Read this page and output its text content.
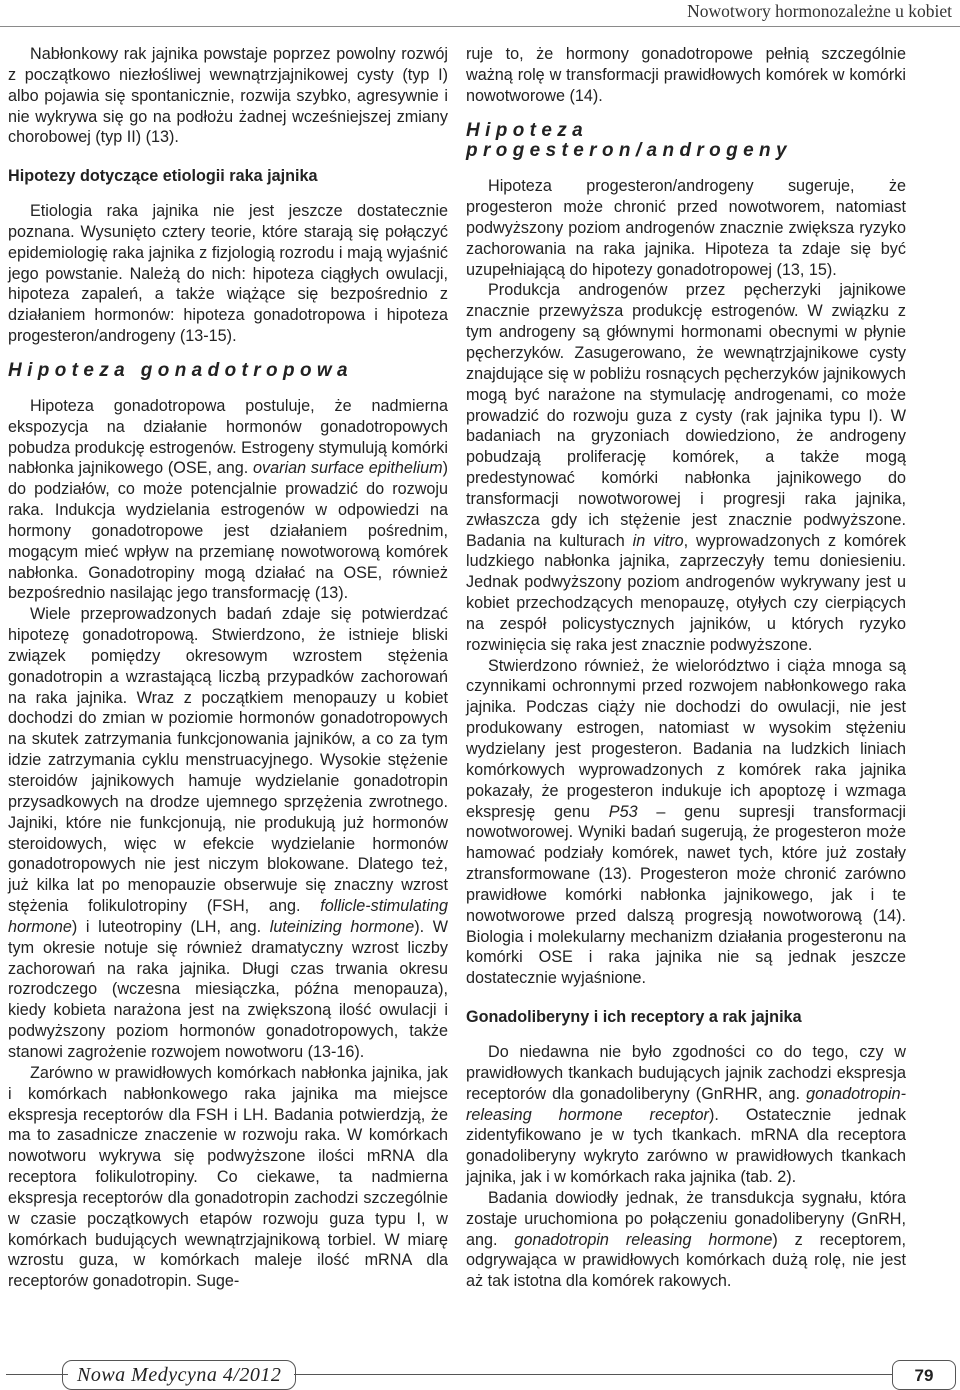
Nowotwory hormonozależne u kobiet

Nabłonkowy rak jajnika powstaje poprzez powolny rozwój z początkowo niezłośliwej wewnątrzjajnikowej cysty (typ I) albo pojawia się spontanicznie, rozwija szybko, agresywnie i nie wykrywa się go na podłożu żadnej wcześniejszej zmiany chorobowej (typ II) (13).

Hipotezy dotyczące etiologii raka jajnika

Etiologia raka jajnika nie jest jeszcze dostatecznie poznana. Wysunięto cztery teorie, które starają się połączyć epidemiologię raka jajnika z fizjologią rozrodu i mają wyjaśnić jego powstanie. Należą do nich: hipoteza ciągłych owulacji, hipoteza zapaleń, a także wiążące się bezpośrednio z działaniem hormonów: hipoteza gonadotropowa i hipoteza progesteron/androgeny (13-15).

Hipoteza gonadotropowa

Hipoteza gonadotropowa postuluje, że nadmierna ekspozycja na działanie hormonów gonadotropowych pobudza produkcję estrogenów. Estrogeny stymulują komórki nabłonka jajnikowego (OSE, ang. ovarian surface epithelium) do podziałów, co może potencjalnie prowadzić do rozwoju raka. Indukcja wydzielania estrogenów w odpowiedzi na hormony gonadotropowe jest działaniem pośrednim, mogącym mieć wpływ na przemianę nowotworową komórek nabłonka. Gonadotropiny mogą działać na OSE, również bezpośrednio nasilając jego transformację (13).

Wiele przeprowadzonych badań zdaje się potwierdzać hipotezę gonadotropową. Stwierdzono, że istnieje bliski związek pomiędzy okresowym wzrostem stężenia gonadotropin a wzrastającą liczbą przypadków zachorowań na raka jajnika. Wraz z początkiem menopauzy u kobiet dochodzi do zmian w poziomie hormonów gonadotropowych na skutek zatrzymania funkcjonowania jajników, a co za tym idzie zatrzymania cyklu menstruacyjnego. Wysokie stężenie steroidów jajnikowych hamuje wydzielanie gonadotropin przysadkowych na drodze ujemnego sprzężenia zwrotnego. Jajniki, które nie funkcjonują, nie produkują już hormonów steroidowych, więc w efekcie wydzielanie hormonów gonadotropowych nie jest niczym blokowane. Dlatego też, już kilka lat po menopauzie obserwuje się znaczny wzrost stężenia folikulotropiny (FSH, ang. follicle-stimulating hormone) i luteotropiny (LH, ang. luteinizing hormone). W tym okresie notuje się również dramatyczny wzrost liczby zachorowań na raka jajnika. Długi czas trwania okresu rozrodczego (wczesna miesiączka, późna menopauza), kiedy kobieta narażona jest na zwiększoną ilość owulacji i podwyższony poziom hormonów gonadotropowych, także stanowi zagrożenie rozwojem nowotworu (13-16).

Zarówno w prawidłowych komórkach nabłonka jajnika, jak i komórkach nabłonkowego raka jajnika ma miejsce ekspresja receptorów dla FSH i LH. Badania potwierdzją, że ma to zasadnicze znaczenie w rozwoju raka. W komórkach nowotworu wykrywa się podwyższone ilości mRNA dla receptora folikulotropiny. Co ciekawe, ta nadmierna ekspresja receptorów dla gonadotropin zachodzi szczególnie w czasie początkowych etapów rozwoju guza typu I, w komórkach budujących wewnątrzjajnikową torbiel. W miarę wzrostu guza, w komórkach maleje ilość mRNA dla receptorów gonadotropin. Suge-

ruje to, że hormony gonadotropowe pełnią szczególnie ważną rolę w transformacji prawidłowych komórek w komórki nowotworowe (14).

Hipoteza progesteron/androgeny

Hipoteza progesteron/androgeny sugeruje, że progesteron może chronić przed nowotworem, natomiast podwyższony poziom androgenów znacznie zwiększa ryzyko zachorowania na raka jajnika. Hipoteza ta zdaje się być uzupełniającą do hipotezy gonadotropowej (13, 15).

Produkcja androgenów przez pęcherzyki jajnikowe znacznie przewyższa produkcję estrogenów. W związku z tym androgeny są głównymi hormonami obecnymi w płynie pęcherzyków. Zasugerowano, że wewnątrzjajnikowe cysty znajdujące się w pobliżu rosnących pęcherzyków jajnikowych mogą być narażone na stymulację androgenami, co może prowadzić do rozwoju guza z cysty (rak jajnika typu I). W badaniach na gryzoniach dowiedziono, że androgeny pobudzają proliferację komórek, a także mogą predestynować komórki nabłonka jajnikowego do transformacji nowotworowej i progresji raka jajnika, zwłaszcza gdy ich stężenie jest znacznie podwyższone. Badania na kulturach in vitro, wyprowadzonych z komórek ludzkiego nabłonka jajnika, zaprzeczyły temu doniesieniu. Jednak podwyższony poziom androgenów wykrywany jest u kobiet przechodzących menopauzę, otyłych czy cierpiących na zespół policystycznych jajników, u których ryzyko rozwinięcia się raka jest znacznie podwyższone.

Stwierdzono również, że wielorództwo i ciąża mnoga są czynnikami ochronnymi przed rozwojem nabłonkowego raka jajnika. Podczas ciąży nie dochodzi do owulacji, nie jest produkowany estrogen, natomiast w wysokim stężeniu wydzielany jest progesteron. Badania na ludzkich liniach komórkowych wyprowadzonych z komórek raka jajnika pokazały, że progesteron indukuje ich apoptozę i wzmaga ekspresję genu P53 – genu supresji transformacji nowotworowej. Wyniki badań sugerują, że progesteron może hamować podziały komórek, nawet tych, które już zostały ztransformowane (13). Progesteron może chronić zarówno prawidłowe komórki nabłonka jajnikowego, jak i te nowotworowe przed dalszą progresją nowotworową (14). Biologia i molekularny mechanizm działania progesteronu na komórki OSE i raka jajnika nie są jednak jeszcze dostatecznie wyjaśnione.

Gonadoliberyny i ich receptory a rak jajnika

Do niedawna nie było zgodności co do tego, czy w prawidłowych tkankach budujących jajnik zachodzi ekspresja receptorów dla gonadoliberyny (GnRHR, ang. gonadotropin-releasing hormone receptor). Ostatecznie jednak zidentyfikowano je w tych tkankach. mRNA dla receptora gonadoliberyny wykryto zarówno w prawidłowych tkankach jajnika, jak i w komórkach raka jajnika (tab. 2).

Badania dowiodły jednak, że transdukcja sygnału, która zostaje uruchomiona po połączeniu gonadoliberyny (GnRH, ang. gonadotropin releasing hormone) z receptorem, odgrywająca w prawidłowych komórkach dużą rolę, nie jest aż tak istotna dla komórek rakowych.

Nowa Medycyna 4/2012	79
